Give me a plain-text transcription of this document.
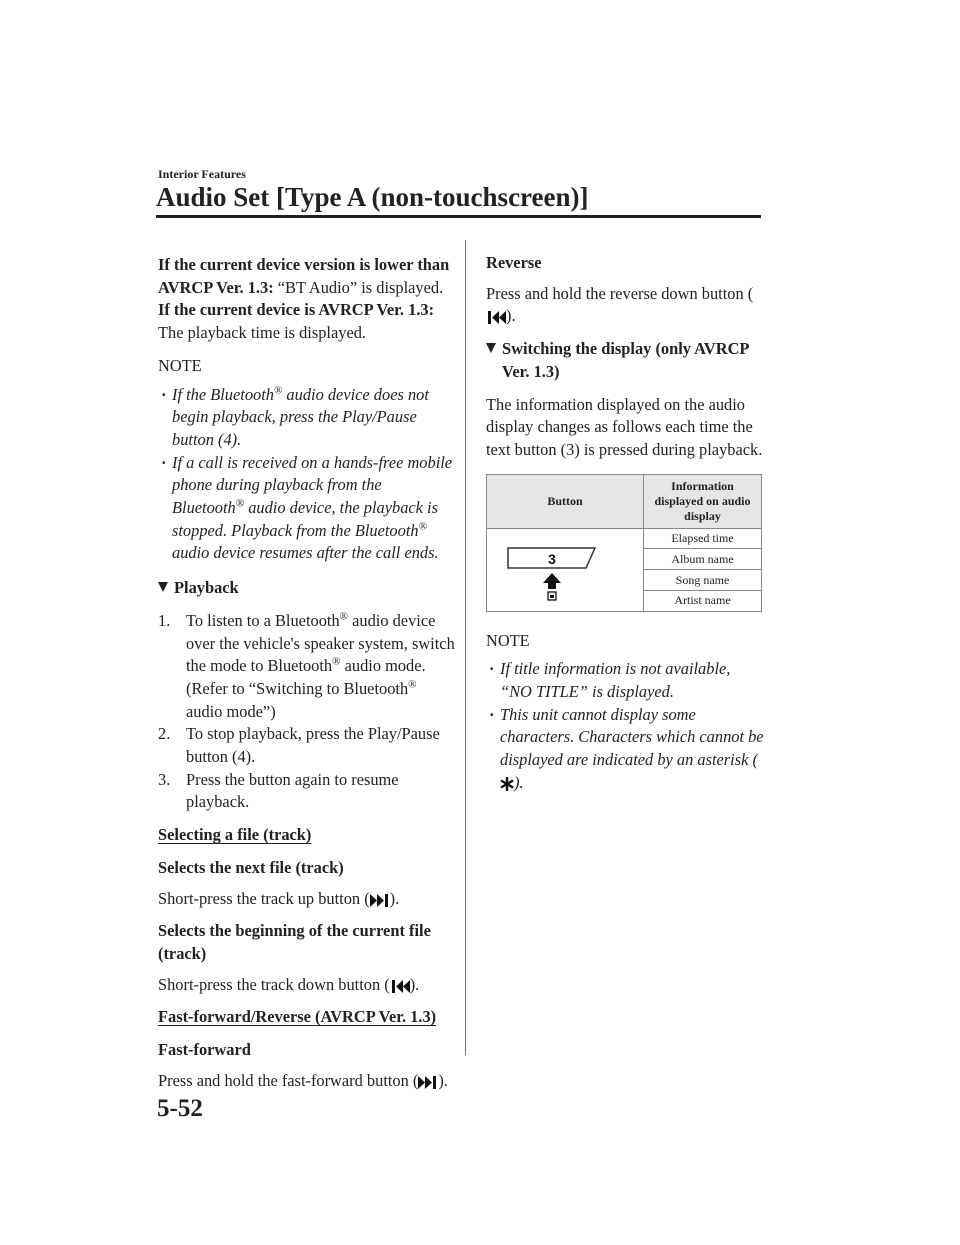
Interior Features
Audio Set [Type A (non-touchscreen)]

If the current device version is lower than AVRCP Ver. 1.3: “BT Audio” is displayed.

If the current device is AVRCP Ver. 1.3:

The playback time is displayed.

NOTE

· If the Bluetooth® audio device does not begin playback, press the Play/Pause button (4).
· If a call is received on a hands-free mobile phone during playback from the Bluetooth® audio device, the playback is stopped. Playback from the Bluetooth® audio device resumes after the call ends.

Playback

1. To listen to a Bluetooth® audio device over the vehicle's speaker system, switch the mode to Bluetooth® audio mode. (Refer to “Switching to Bluetooth® audio mode”)
2. To stop playback, press the Play/Pause button (4).
3. Press the button again to resume playback.

Selecting a file (track)

Selects the next file (track)

Short-press the track up button ( ).

Selects the beginning of the current file (track)

Short-press the track down button ( ).

Fast-forward/Reverse (AVRCP Ver. 1.3)

Fast-forward

Press and hold the fast-forward button ( ).

Reverse

Press and hold the reverse down button (
).

Switching the display (only AVRCP
Ver. 1.3)

The information displayed on the audio display changes as follows each time the text button (3) is pressed during playback.

Button	Information displayed on audio display

3	Elapsed time
	Album name
	Song name
	Artist name

NOTE

· If title information is not available, “NO TITLE” is displayed.
· This unit cannot display some characters. Characters which cannot be displayed are indicated by an asterisk (
).
5-52
